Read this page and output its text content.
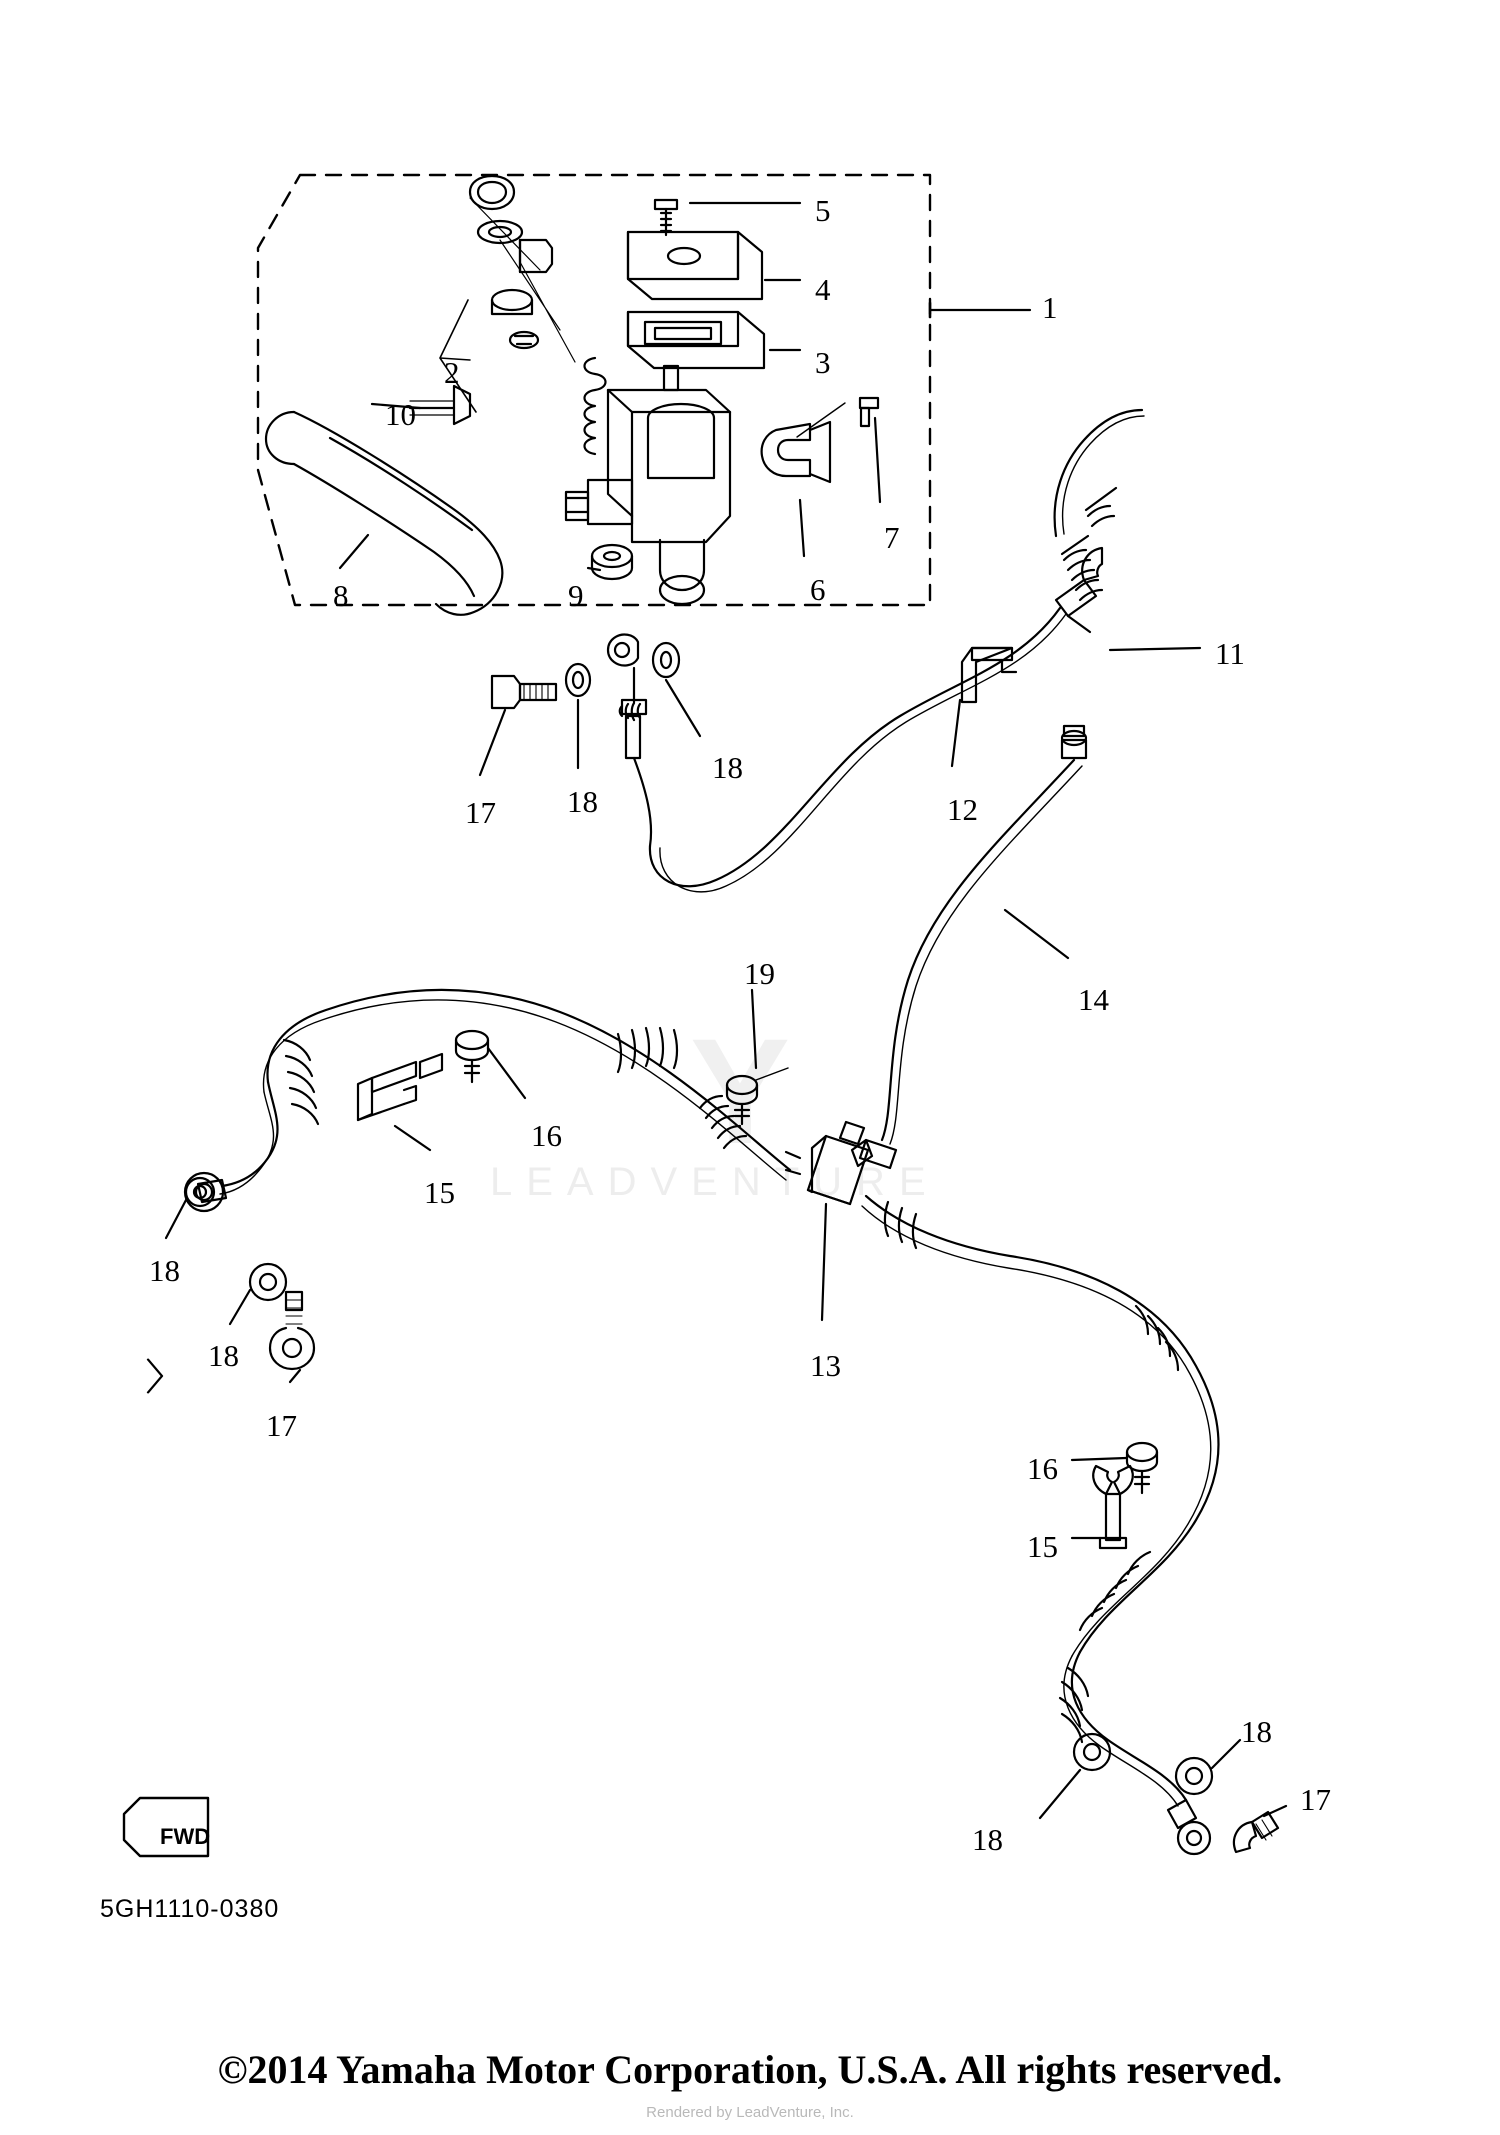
LEADVENTURE
Y
FWD
5GH1110-0380
1
2	3
4
5
6
7
8	9
10
11
12
13
14
15
15
16
16
17
17
17
18
18
18
18
18
18
19
©2014 Yamaha Motor Corporation, U.S.A. All rights reserved.
Rendered by LeadVenture, Inc.
